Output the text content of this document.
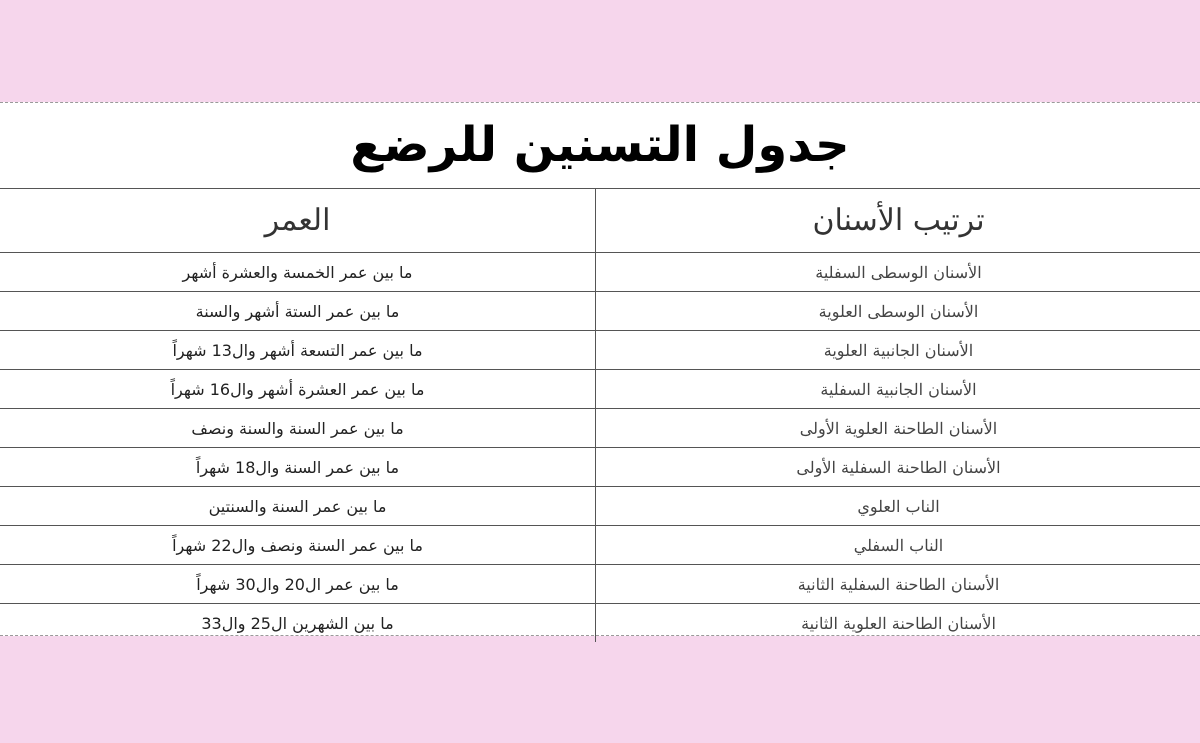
جدول التسنين للرضع
ترتيب الأسنان	العمر
الأسنان الوسطى السفلية	ما بين عمر الخمسة والعشرة أشهر
الأسنان الوسطى العلوية	ما بين عمر الستة أشهر والسنة
الأسنان الجانبية العلوية	ما بين عمر التسعة أشهر وال13 شهراً
الأسنان الجانبية السفلية	ما بين عمر العشرة أشهر وال16 شهراً
الأسنان الطاحنة العلوية الأولى	ما بين عمر السنة والسنة ونصف
الأسنان الطاحنة السفلية الأولى	ما بين عمر السنة وال18 شهراً
الناب العلوي	ما بين عمر السنة والسنتين
الناب السفلي	ما بين عمر السنة ونصف وال22 شهراً
الأسنان الطاحنة السفلية الثانية	ما بين عمر ال20 وال30 شهراً
الأسنان الطاحنة العلوية الثانية	ما بين الشهرين ال25 وال33
